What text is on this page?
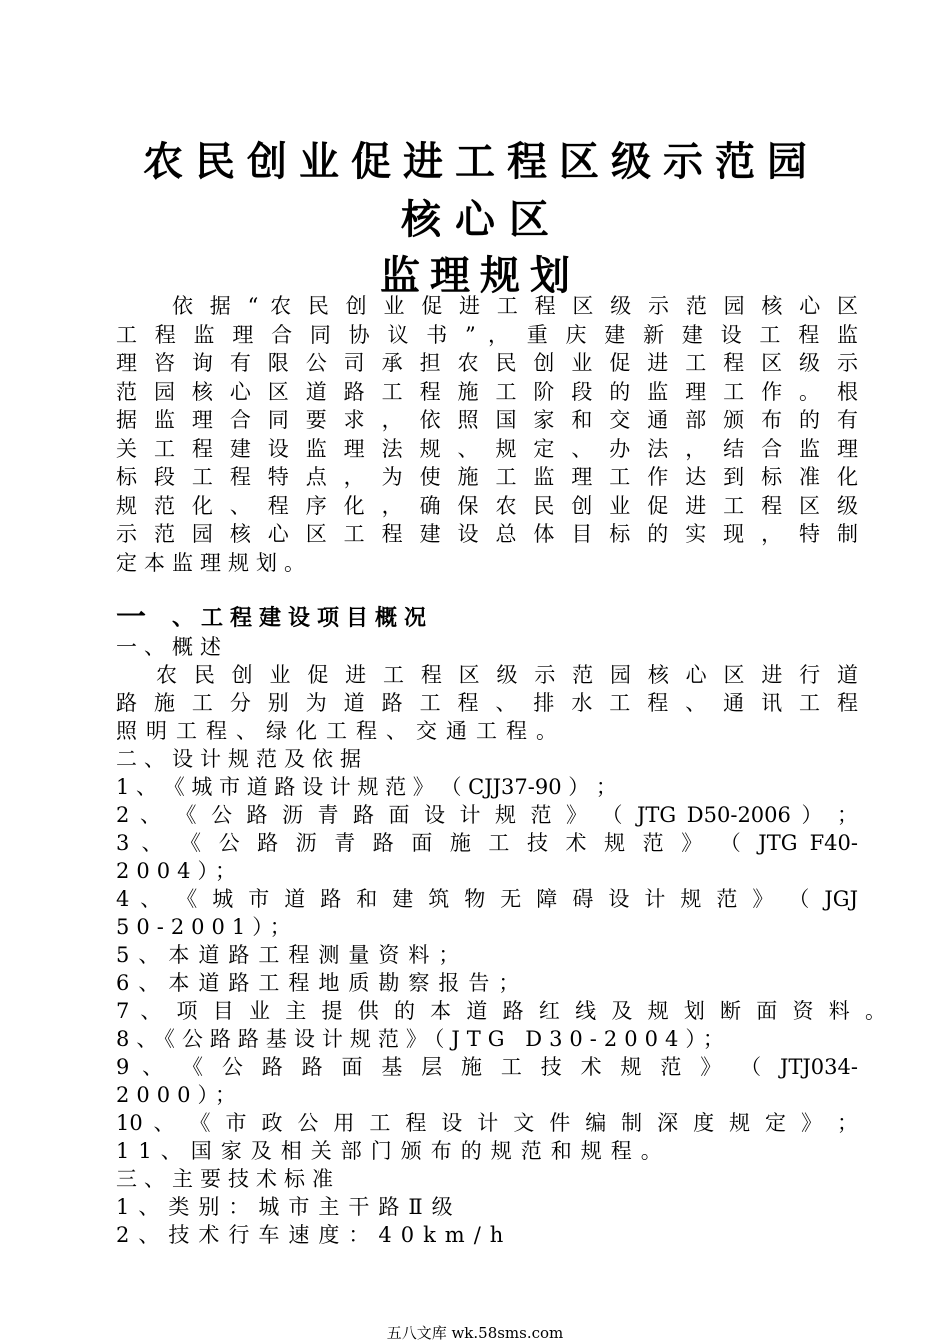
农民创业促进工程区级示范园
核心区
监理规划
依 据 “ 农 民 创 业 促 进 工 程 区 级 示 范 园 核 心 区
工 程 监 理 合 同 协 议 书 ” ， 重 庆 建 新 建 设 工 程 监
理 咨 询 有 限 公 司 承 担 农 民 创 业 促 进 工 程 区 级 示
范 园 核 心 区 道 路 工 程 施 工 阶 段 的 监 理 工 作 。 根
据 监 理 合 同 要 求 ， 依 照 国 家 和 交 通 部 颁 布 的 有
关 工 程 建 设 监 理 法 规 、 规 定 、 办 法 ， 结 合 监 理
标 段 工 程 特 点 ， 为 使 施 工 监 理 工 作 达 到 标 准 化
规 范 化 、 程 序 化 ， 确 保 农 民 创 业 促 进 工 程 区 级
示 范 园 核 心 区 工 程 建 设 总 体 目 标 的 实 现 ， 特 制
定本监理规划。
一 、工程建设项目概况
一、概述
农 民 创 业 促 进 工 程 区 级 示 范 园 核 心 区 进 行 道
路 施 工 分 别 为 道 路 工 程 、 排 水 工 程 、 通 讯 工 程
照明工程、绿化工程、交通工程。
二、设计规范及依据
1 、 《 城 市 道 路 设 计 规 范 》 （ CJJ37-90 ） ；
2 、 《 公 路 沥 青 路 面 设 计 规 范 》 （ JTG D50-2006 ） ；
3 、 《 公 路 沥 青 路 面 施 工 技 术 规 范 》 （ JTG F40-
2004）；
4 、 《 城 市 道 路 和 建 筑 物 无 障 碍 设 计 规 范 》 （ JGJ
50-2001）；
5、本道路工程测量资料；
6、本道路工程地质勘察报告；
7 、 项 目 业 主 提 供 的 本 道 路 红 线 及 规 划 断 面 资 料 。
8、《公路路基设计规范》（JTG D30-2004）；
9 、 《 公 路 路 面 基 层 施 工 技 术 规 范 》 （ JTJ034-
2000）；
10 、 《 市 政 公 用 工 程 设 计 文 件 编 制 深 度 规 定 》 ；
11、国家及相关部门颁布的规范和规程。
三、主要技术标准
1、类别：城市主干路Ⅱ级
2、技术行车速度：40km/h
五八文库 wk.58sms.com
